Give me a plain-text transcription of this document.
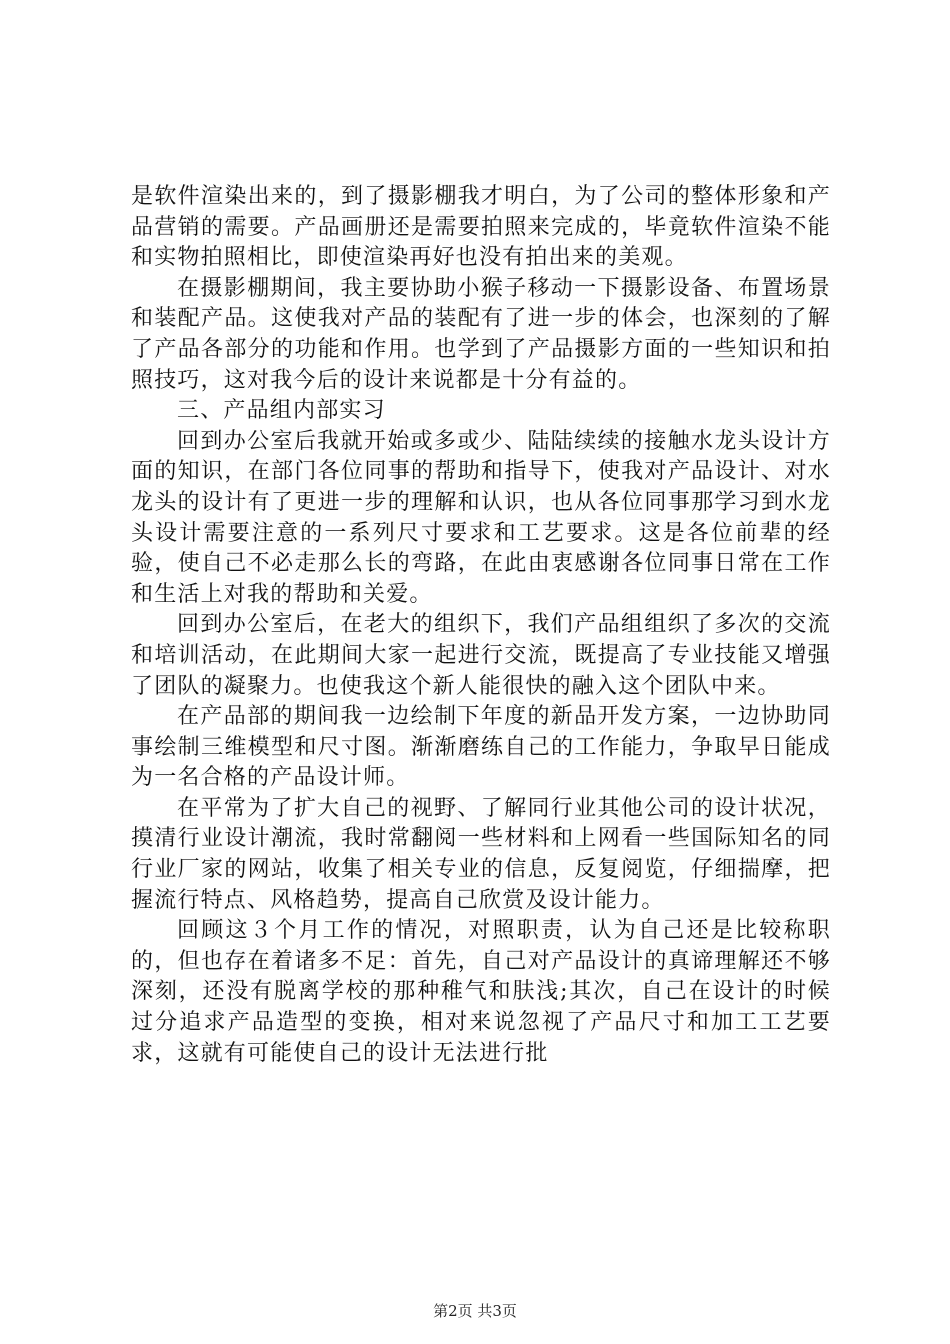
是软件渲染出来的，到了摄影棚我才明白，为了公司的整体形象和产品营销的需要。产品画册还是需要拍照来完成的，毕竟软件渲染不能和实物拍照相比，即使渲染再好也没有拍出来的美观。

在摄影棚期间，我主要协助小猴子移动一下摄影设备、布置场景和装配产品。这使我对产品的装配有了进一步的体会，也深刻的了解了产品各部分的功能和作用。也学到了产品摄影方面的一些知识和拍照技巧，这对我今后的设计来说都是十分有益的。

三、产品组内部实习

回到办公室后我就开始或多或少、陆陆续续的接触水龙头设计方面的知识，在部门各位同事的帮助和指导下，使我对产品设计、对水龙头的设计有了更进一步的理解和认识，也从各位同事那学习到水龙头设计需要注意的一系列尺寸要求和工艺要求。这是各位前辈的经验，使自己不必走那么长的弯路，在此由衷感谢各位同事日常在工作和生活上对我的帮助和关爱。

回到办公室后，在老大的组织下，我们产品组组织了多次的交流和培训活动，在此期间大家一起进行交流，既提高了专业技能又增强了团队的凝聚力。也使我这个新人能很快的融入这个团队中来。

在产品部的期间我一边绘制下年度的新品开发方案，一边协助同事绘制三维模型和尺寸图。渐渐磨练自己的工作能力，争取早日能成为一名合格的产品设计师。

在平常为了扩大自己的视野、了解同行业其他公司的设计状况，摸清行业设计潮流，我时常翻阅一些材料和上网看一些国际知名的同行业厂家的网站，收集了相关专业的信息，反复阅览，仔细揣摩，把握流行特点、风格趋势，提高自己欣赏及设计能力。

回顾这３个月工作的情况，对照职责，认为自己还是比较称职的，但也存在着诸多不足：首先，自己对产品设计的真谛理解还不够深刻，还没有脱离学校的那种稚气和肤浅;其次，自己在设计的时候过分追求产品造型的变换，相对来说忽视了产品尺寸和加工工艺要求，这就有可能使自己的设计无法进行批

第2页 共3页
